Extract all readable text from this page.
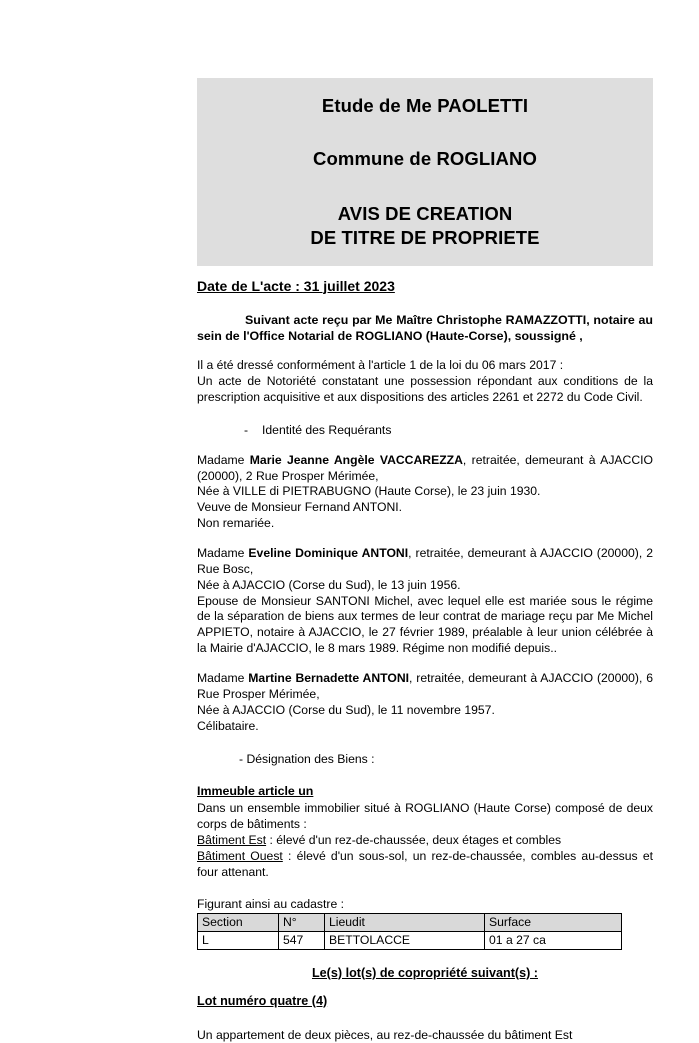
Etude de Me PAOLETTI
Commune de ROGLIANO
AVIS DE CREATION
DE TITRE DE PROPRIETE
Date de L'acte : 31 juillet 2023

Suivant acte reçu par Me Maître Christophe RAMAZZOTTI, notaire au sein de l'Office Notarial de ROGLIANO (Haute-Corse), soussigné ,

Il a été dressé conformément à l'article 1 de la loi du 06 mars 2017 :

Un acte de Notoriété constatant une possession répondant aux conditions de la prescription acquisitive et aux dispositions des articles 2261 et 2272 du Code Civil.

- Identité des Requérants

Madame Marie Jeanne Angèle VACCAREZZA, retraitée, demeurant à AJACCIO (20000), 2 Rue Prosper Mérimée,

Née à VILLE di PIETRABUGNO (Haute Corse), le 23 juin 1930.

Veuve de Monsieur Fernand ANTONI.

Non remariée.

Madame Eveline Dominique ANTONI, retraitée, demeurant à AJACCIO (20000), 2 Rue Bosc,

Née à AJACCIO (Corse du Sud), le 13 juin 1956.

Epouse de Monsieur SANTONI Michel, avec lequel elle est mariée sous le régime de la séparation de biens aux termes de leur contrat de mariage reçu par Me Michel APPIETO, notaire à AJACCIO, le 27 février 1989, préalable à leur union célébrée à la Mairie d'AJACCIO, le 8 mars 1989. Régime non modifié depuis..

Madame Martine Bernadette ANTONI, retraitée, demeurant à AJACCIO (20000), 6 Rue Prosper Mérimée,

Née à AJACCIO (Corse du Sud), le 11 novembre 1957.

Célibataire.

- Désignation des Biens :
Immeuble article un

Dans un ensemble immobilier situé à ROGLIANO (Haute Corse) composé de deux corps de bâtiments :

Bâtiment Est : élevé d'un rez-de-chaussée, deux étages et combles

Bâtiment Ouest : élevé d'un sous-sol, un rez-de-chaussée, combles au-dessus et four attenant.

Figurant ainsi au cadastre :
Section	N°	Lieudit	Surface
L	547	BETTOLACCE	01 a 27 ca
Le(s) lot(s) de copropriété suivant(s) :
Lot numéro quatre (4)

Un appartement de deux pièces, au rez-de-chaussée du bâtiment Est
